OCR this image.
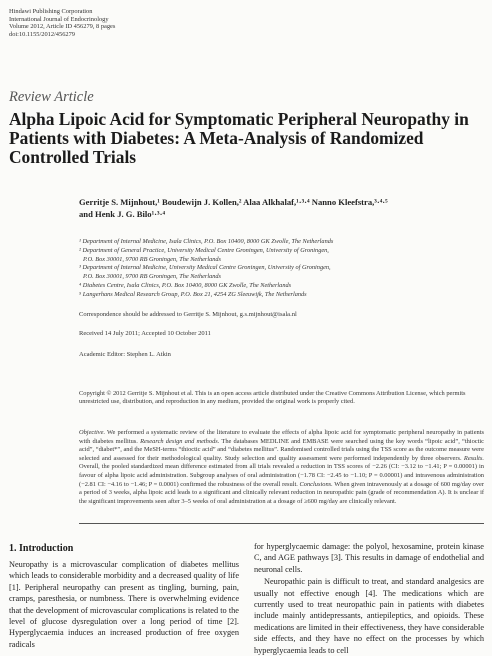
Hindawi Publishing Corporation
International Journal of Endocrinology
Volume 2012, Article ID 456279, 8 pages
doi:10.1155/2012/456279
Review Article
Alpha Lipoic Acid for Symptomatic Peripheral Neuropathy in Patients with Diabetes: A Meta-Analysis of Randomized Controlled Trials
Gerritje S. Mijnhout,¹ Boudewijn J. Kollen,² Alaa Alkhalaf,¹·³·⁴ Nanno Kleefstra,³·⁴·⁵
and Henk J. G. Bilo¹·³·⁴
¹ Department of Internal Medicine, Isala Clinics, P.O. Box 10400, 8000 GK Zwolle, The Netherlands
² Department of General Practice, University Medical Centre Groningen, University of Groningen,
P.O. Box 30001, 9700 RB Groningen, The Netherlands
³ Department of Internal Medicine, University Medical Centre Groningen, University of Groningen,
P.O. Box 30001, 9700 RB Groningen, The Netherlands
⁴ Diabetes Centre, Isala Clinics, P.O. Box 10400, 8000 GK Zwolle, The Netherlands
⁵ Langerhans Medical Research Group, P.O. Box 21, 4254 ZG Sleeuwijk, The Netherlands
Correspondence should be addressed to Gerritje S. Mijnhout, g.s.mijnhout@isala.nl
Received 14 July 2011; Accepted 10 October 2011
Academic Editor: Stephen L. Atkin
Copyright © 2012 Gerritje S. Mijnhout et al. This is an open access article distributed under the Creative Commons Attribution License, which permits unrestricted use, distribution, and reproduction in any medium, provided the original work is properly cited.
Objective. We performed a systematic review of the literature to evaluate the effects of alpha lipoic acid for symptomatic peripheral neuropathy in patients with diabetes mellitus. Research design and methods. The databases MEDLINE and EMBASE were searched using the key words “lipoic acid”, “thioctic acid”, “diabet*”, and the MeSH-terms “thioctic acid” and “diabetes mellitus”. Randomised controlled trials using the TSS score as the outcome measure were selected and assessed for their methodological quality. Study selection and quality assessment were performed independently by three observers. Results. Overall, the pooled standardized mean difference estimated from all trials revealed a reduction in TSS scores of −2.26 (CI: −3.12 to −1.41; P = 0.00001) in favour of alpha lipoic acid administration. Subgroup analyses of oral administration (−1.78 CI: −2.45 to −1.10; P = 0.00001) and intravenous administration (−2.81 CI: −4.16 to −1.46; P = 0.0001) confirmed the robustness of the overall result. Conclusions. When given intravenously at a dosage of 600 mg/day over a period of 3 weeks, alpha lipoic acid leads to a significant and clinically relevant reduction in neuropathic pain (grade of recommendation A). It is unclear if the significant improvements seen after 3–5 weeks of oral administration at a dosage of ≥600 mg/day are clinically relevant.
1. Introduction

Neuropathy is a microvascular complication of diabetes mellitus which leads to considerable morbidity and a decreased quality of life [1]. Peripheral neuropathy can present as tingling, burning, pain, cramps, paresthesia, or numbness. There is overwhelming evidence that the development of microvascular complications is related to the level of glucose dysregulation over a long period of time [2]. Hyperglycaemia induces an increased production of free oxygen radicals

for hyperglycaemic damage: the polyol, hexosamine, protein kinase C, and AGE pathways [3]. This results in damage of endothelial and neuronal cells.

Neuropathic pain is difficult to treat, and standard analgesics are usually not effective enough [4]. The medications which are currently used to treat neuropathic pain in patients with diabetes include mainly antidepressants, antiepileptics, and opioids. These medications are limited in their effectiveness, they have considerable side effects, and they have no effect on the processes by which hyperglycaemia leads to cell
